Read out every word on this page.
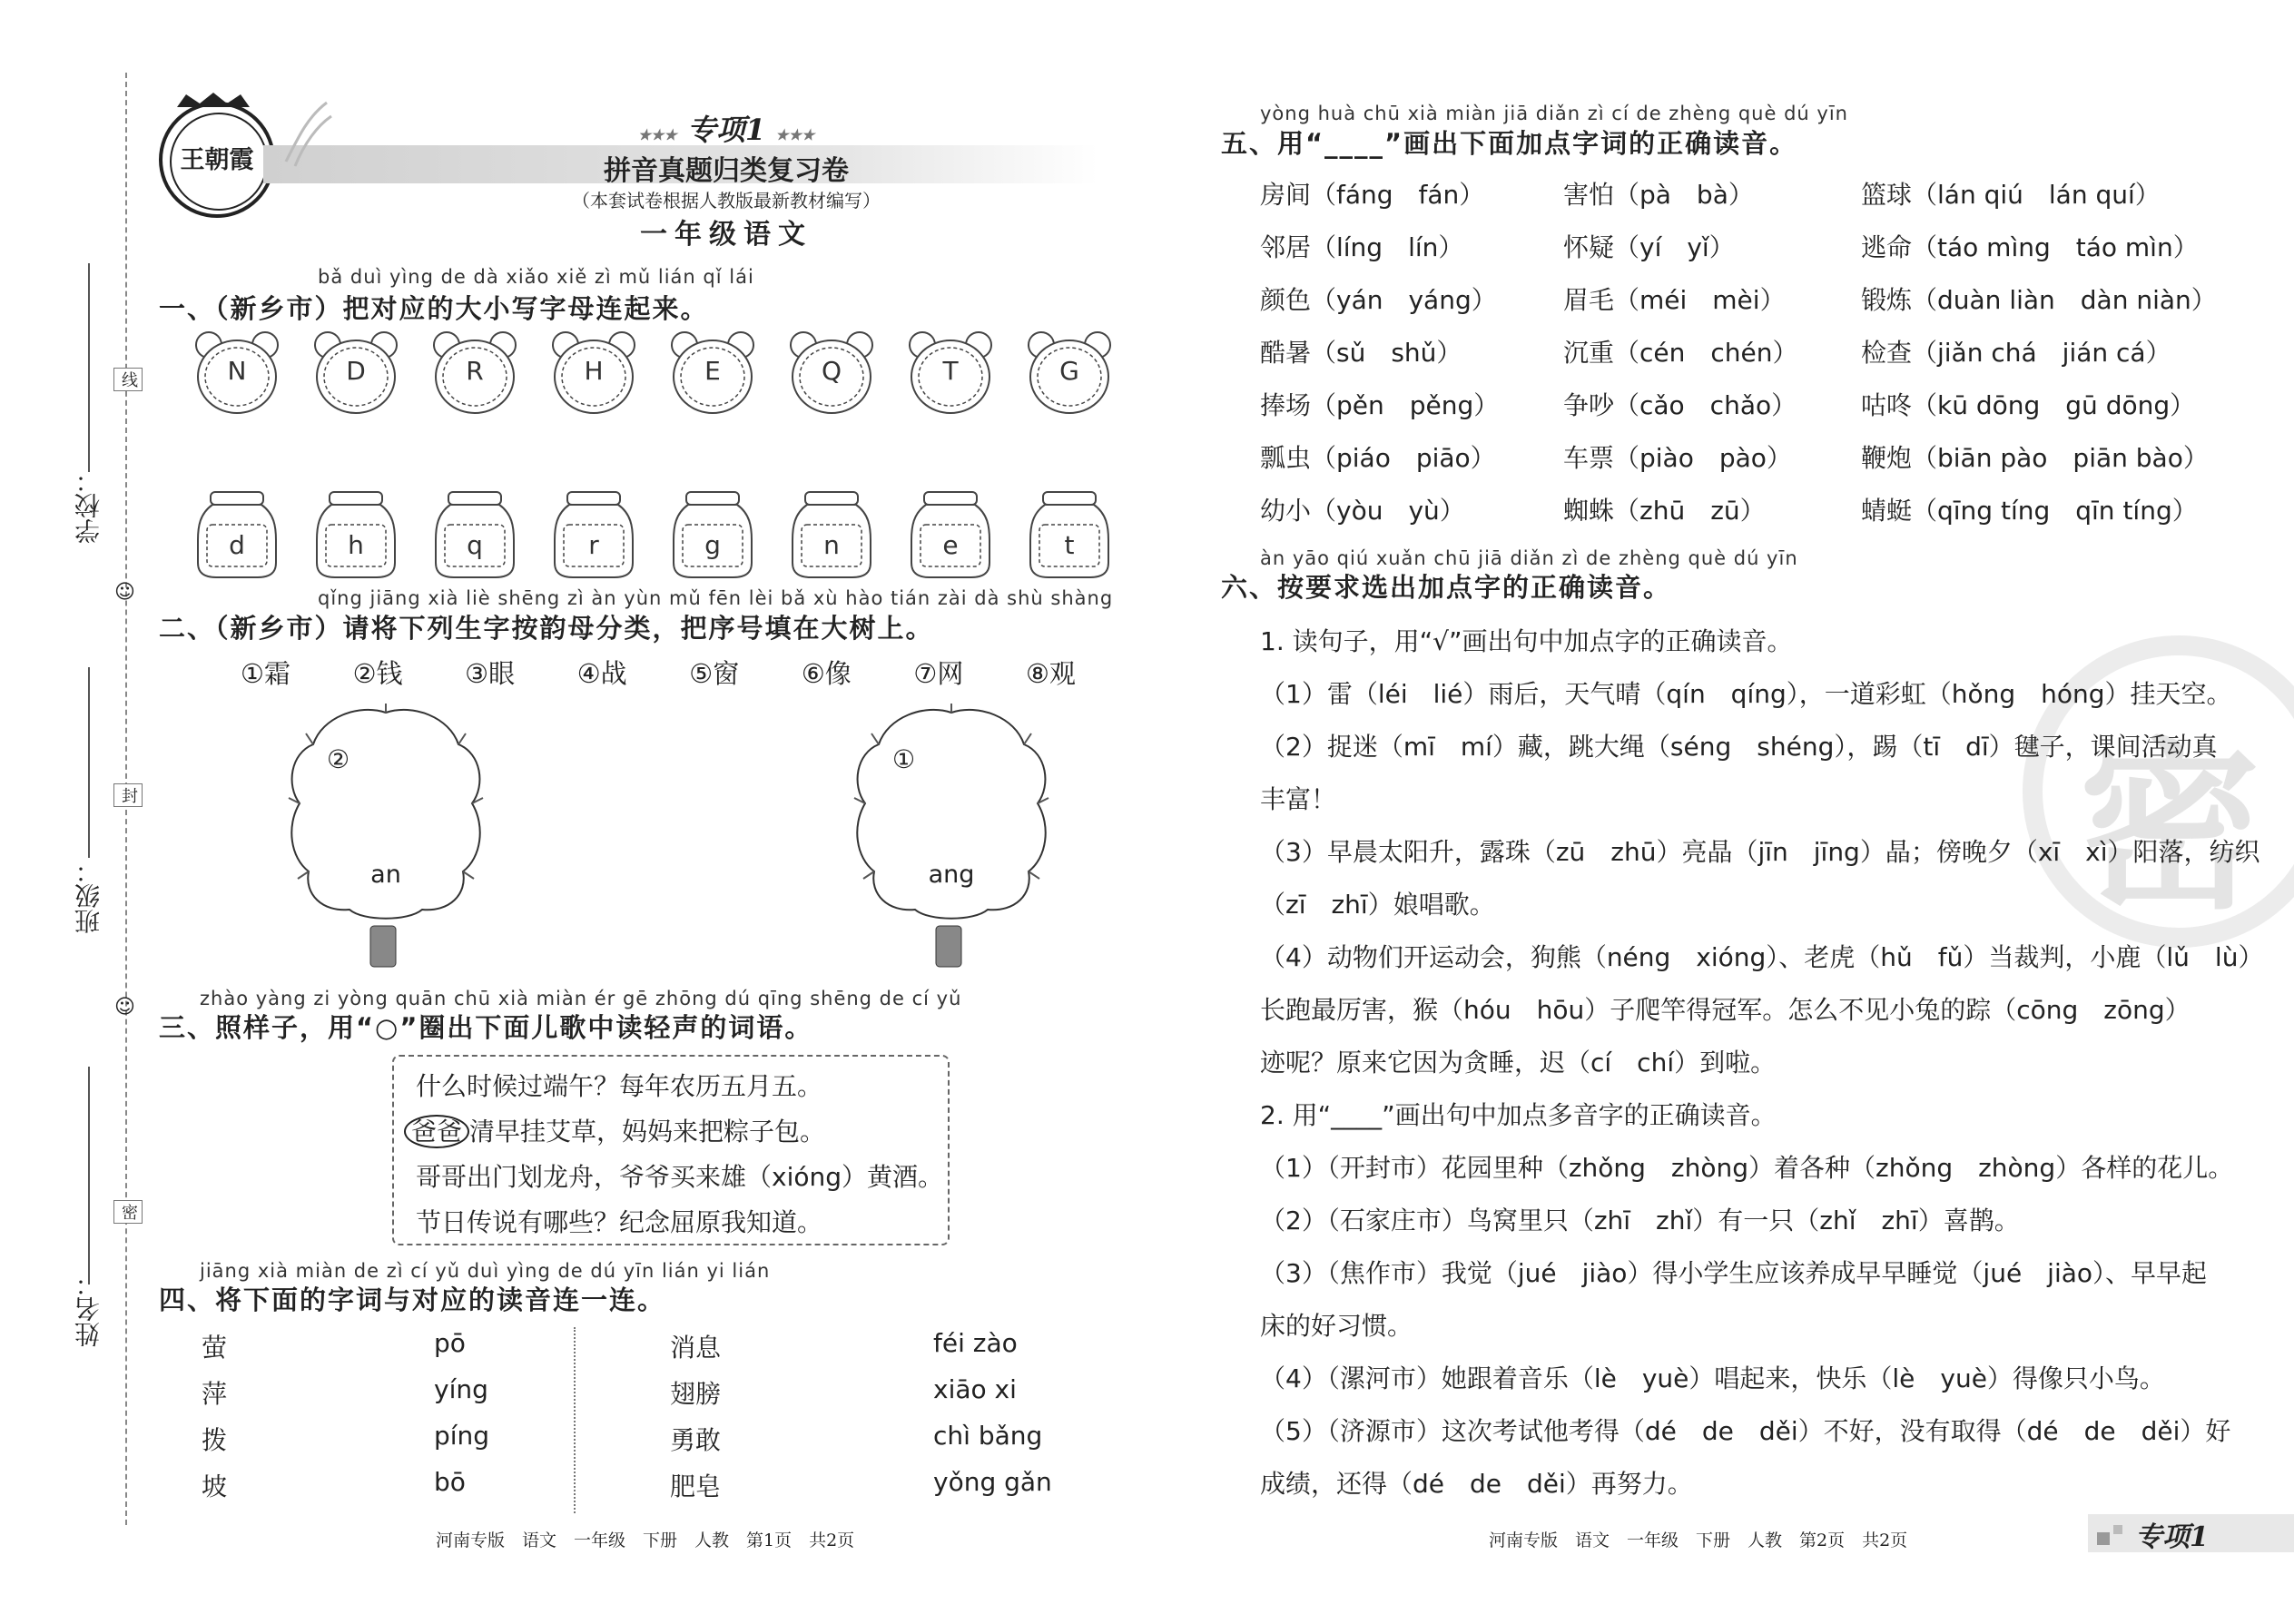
学校：
班级：
姓名：
线
封
密
☺
☺
王朝霞
★★★ 专项1 ★★★
拼音真题归类复习卷
（本套试卷根据人教版最新教材编写）
一年级语文
bǎ duì yìng de dà xiǎo xiě zì mǔ lián qǐ lái
一、（新乡市）把对应的大小写字母连起来。
N	D	R	H	E	Q	T	G
d	h	q	r	g	n	e	t
qǐng jiāng xià liè shēng zì àn yùn mǔ fēn lèi bǎ xù hào tián zài dà shù shàng
二、（新乡市）请将下列生字按韵母分类，把序号填在大树上。
①霜 ②钱 ③眼 ④战 ⑤窗 ⑥像 ⑦网 ⑧观
②
an
①
ang
zhào yàng zi yòng quān chū xià miàn ér gē zhōng dú qīng shēng de cí yǔ
三、照样子，用“○”圈出下面儿歌中读轻声的词语。
什么时候过端午？每年农历五月五。
爸爸 清早挂艾草，妈妈来把粽子包。
哥哥出门划龙舟，爷爷买来雄（xióng）黄酒。
节日传说有哪些？纪念屈原我知道。
jiāng xià miàn de zì cí yǔ duì yìng de dú yīn lián yi lián
四、将下面的字词与对应的读音连一连。
萤	pō	消息	féi zào
萍	yíng	翅膀	xiāo xi
拨	píng	勇敢	chì bǎng
坡	bō	肥皂	yǒng gǎn
河南专版　语文　一年级　下册　人教　第1页　共2页	河南专版　语文　一年级　下册　人教　第2页　共2页	专项1
密
yòng huà chū xià miàn jiā diǎn zì cí de zhèng què dú yīn
五、用“____”画出下面加点字词的正确读音。
房间（fáng　fán）	害怕（pà　bà）	篮球（lán qiú　lán quí）
邻居（líng　lín）	怀疑（yí　yǐ）	逃命（táo mìng　táo mìn）
颜色（yán　yáng）	眉毛（méi　mèi）	锻炼（duàn liàn　dàn niàn）
酷暑（sǔ　shǔ）	沉重（cén　chén） 检查（jiǎn chá　jián cá）
捧场（pěn　pěng）	争吵（cǎo　chǎo）	咕咚（kū dōng　gū dōng）
瓢虫（piáo　piāo）	车票（piào　pào）	鞭炮（biān pào　piān bào）
幼小（yòu　yù）	蜘蛛（zhū　zū）	蜻蜓（qīng tíng　qīn tíng）
àn yāo qiú xuǎn chū jiā diǎn zì de zhèng què dú yīn
六、按要求选出加点字的正确读音。
1. 读句子，用“√”画出句中加点字的正确读音。
（1）雷（léi　lié）雨后，天气晴（qín　qíng），一道彩虹（hǒng　hóng）挂天空。
（2）捉迷（mī　mí）藏，跳大绳（séng　shéng），踢（tī　dī）毽子，课间活动真
丰富！
（3）早晨太阳升，露珠（zū　zhū）亮晶（jīn　jīng）晶；傍晚夕（xī　xì）阳落，纺织
（zī　zhī）娘唱歌。
（4）动物们开运动会，狗熊（néng　xióng）、老虎（hǔ　fǔ）当裁判，小鹿（lǔ　lù）
长跑最厉害，猴（hóu　hōu）子爬竿得冠军。怎么不见小兔的踪（cōng　zōng）
迹呢？原来它因为贪睡，迟（cí　chí）到啦。
2. 用“____”画出句中加点多音字的正确读音。
（1）（开封市）花园里种（zhǒng　zhòng）着各种（zhǒng　zhòng）各样的花儿。
（2）（石家庄市）鸟窝里只（zhī　zhǐ）有一只（zhǐ　zhī）喜鹊。
（3）（焦作市）我觉（jué　jiào）得小学生应该养成早早睡觉（jué　jiào）、早早起
床的好习惯。
（4）（漯河市）她跟着音乐（lè　yuè）唱起来，快乐（lè　yuè）得像只小鸟。
（5）（济源市）这次考试他考得（dé　de　děi）不好，没有取得（dé　de　děi）好
成绩，还得（dé　de　děi）再努力。
